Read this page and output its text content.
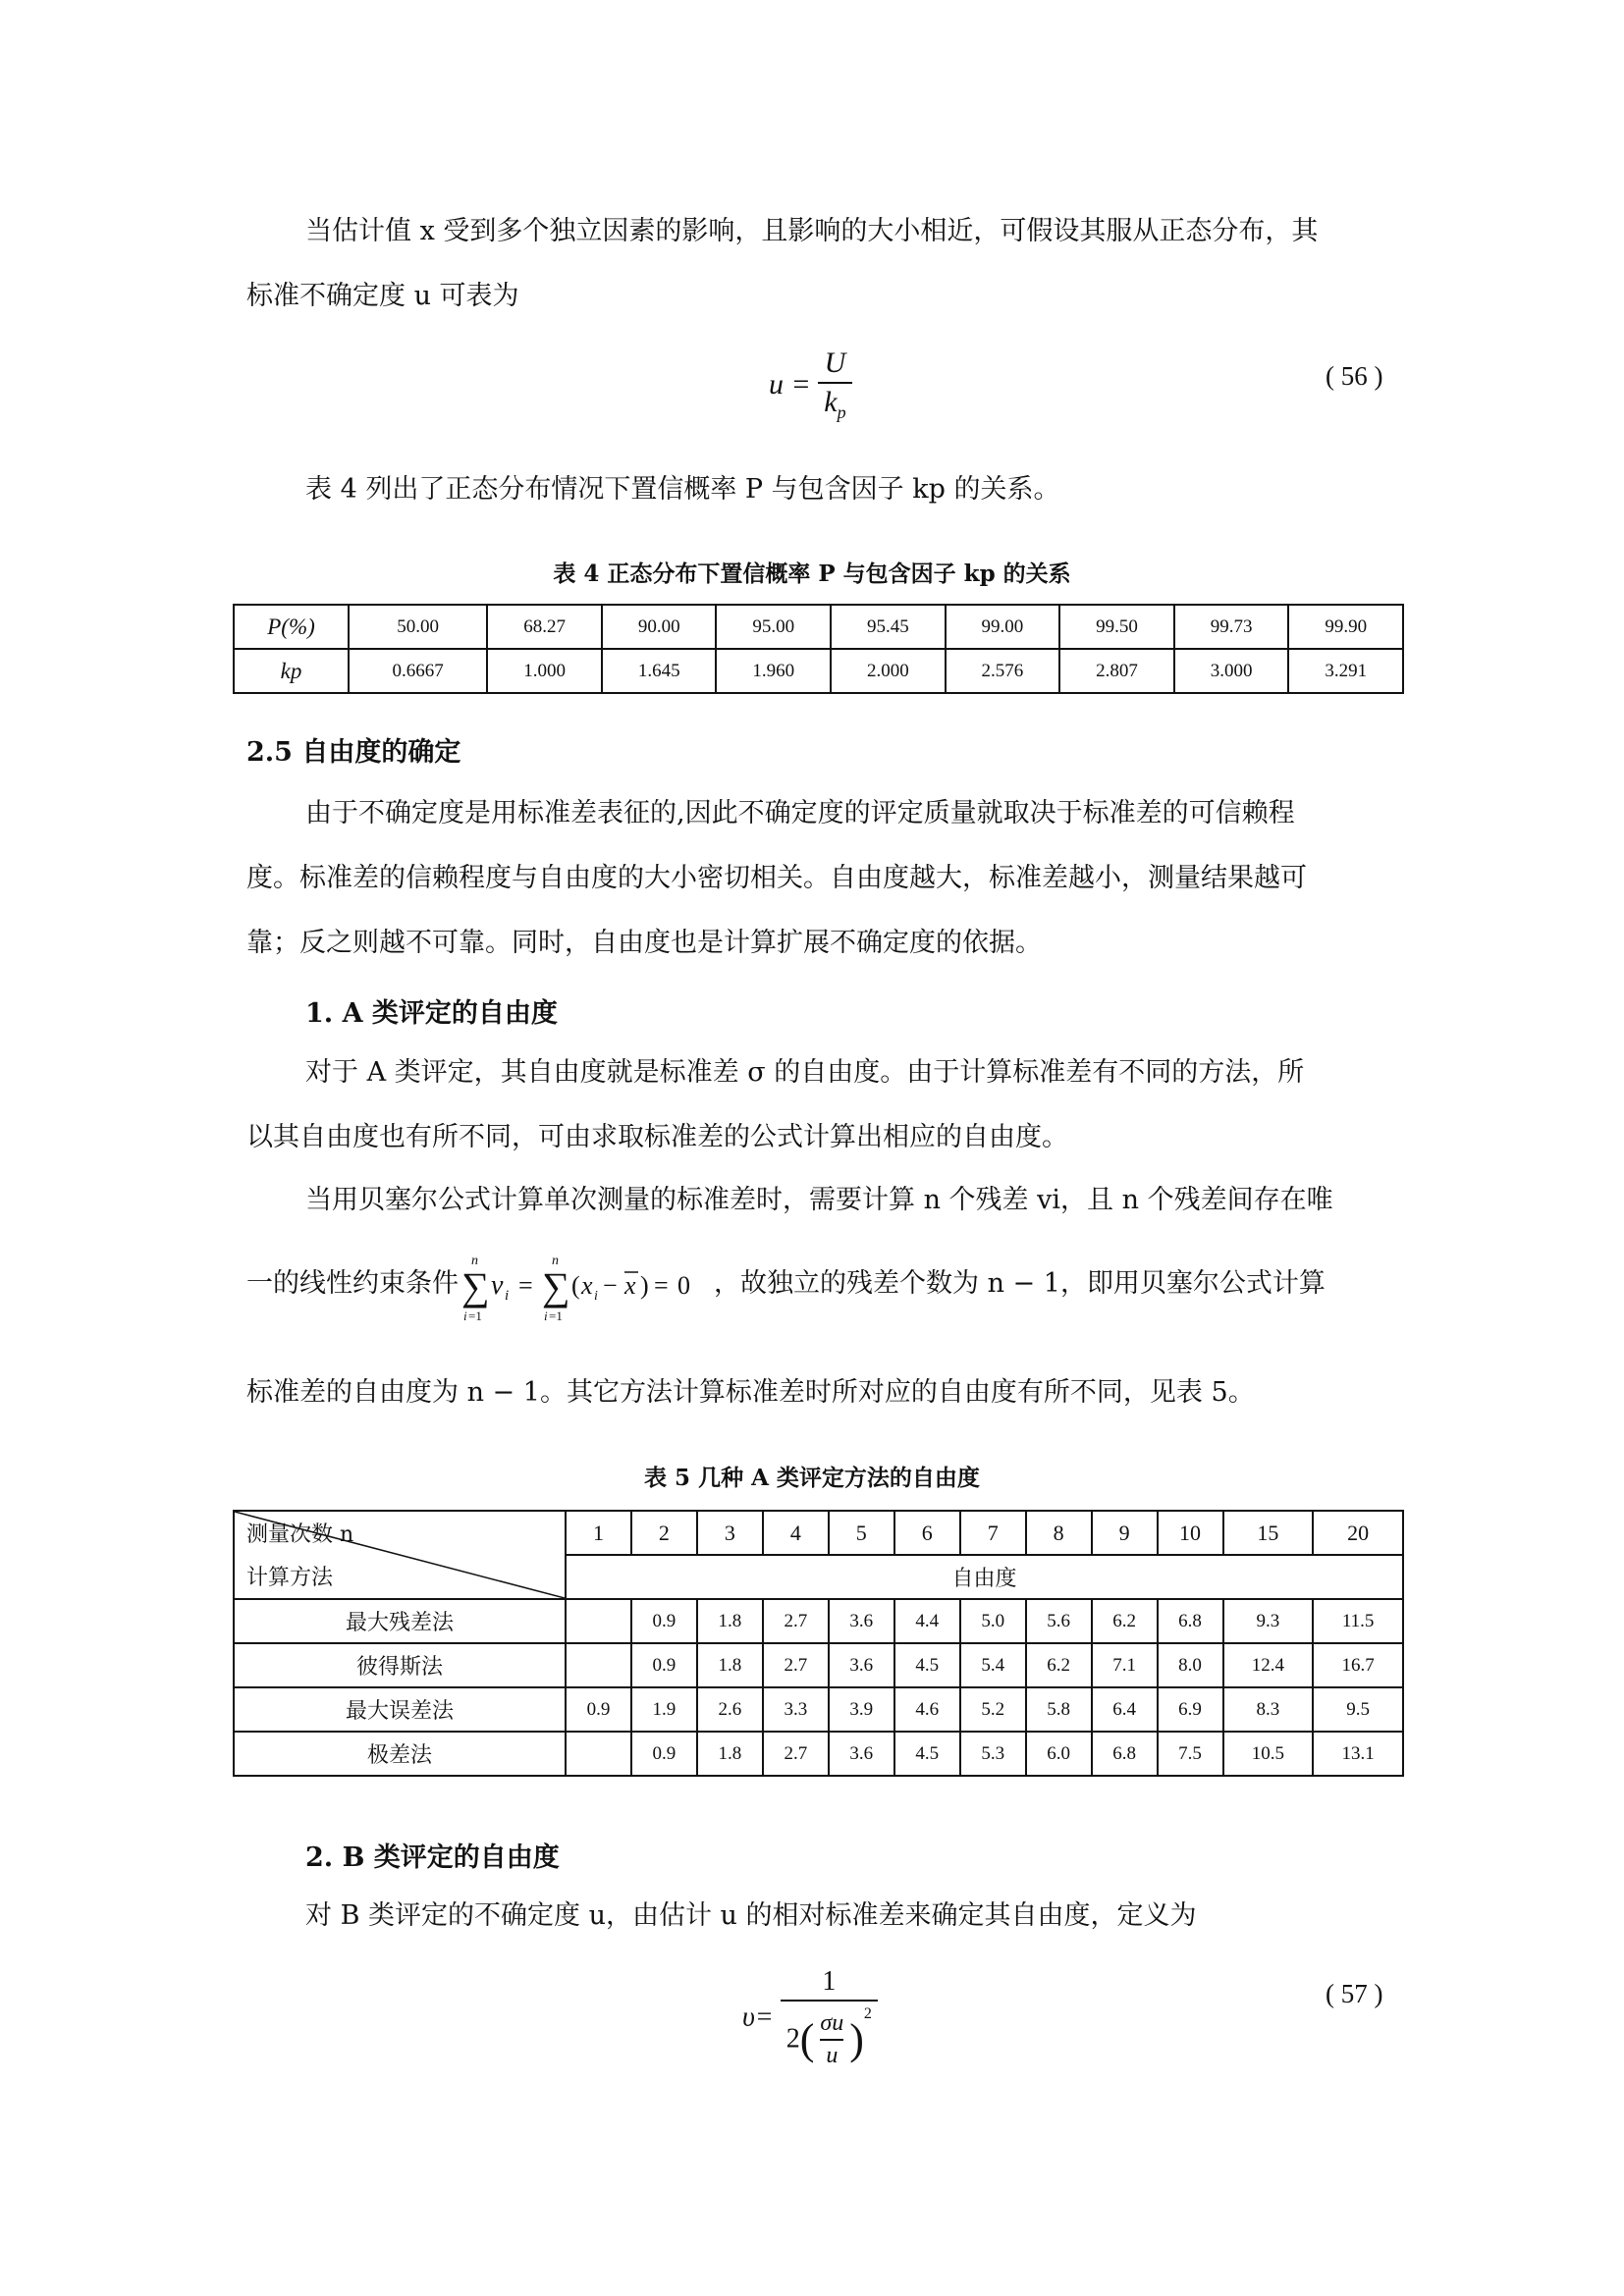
当估计值 x 受到多个独立因素的影响，且影响的大小相近，可假设其服从正态分布，其
标准不确定度 u 可表为
$u = \frac{U}{k_p}$	( 56 )
表 4 列出了正态分布情况下置信概率 P 与包含因子 kp 的关系。
表 4 正态分布下置信概率 P 与包含因子 kp 的关系
P(%)	50.00	68.27	90.00	95.00	95.45	99.00	99.50	99.73	99.90
kp	0.6667	1.000	1.645	1.960	2.000	2.576	2.807	3.000	3.291
2.5 自由度的确定
由于不确定度是用标准差表征的,因此不确定度的评定质量就取决于标准差的可信赖程
度。标准差的信赖程度与自由度的大小密切相关。自由度越大，标准差越小，测量结果越可
靠；反之则越不可靠。同时，自由度也是计算扩展不确定度的依据。
1. A 类评定的自由度
对于 A 类评定，其自由度就是标准差 σ 的自由度。由于计算标准差有不同的方法，所
以其自由度也有所不同，可由求取标准差的公式计算出相应的自由度。
当用贝塞尔公式计算单次测量的标准差时，需要计算 n 个残差 vi，且 n 个残差间存在唯
一的线性约束条件	，故独立的残差个数为 n − 1，即用贝塞尔公式计算
n
∑
i =1
ν i =
n
∑
i =1
( x i − x ) = 0
标准差的自由度为 n − 1。其它方法计算标准差时所对应的自由度有所不同，见表 5。
表 5 几种 A 类评定方法的自由度
测量次数 n
计算方法	1	2	3	4	5	6	7	8	9	10	15	20
	自由度											
最大残差法		0.9	1.8	2.7	3.6	4.4	5.0	5.6	6.2	6.8	9.3	11.5
彼得斯法		0.9	1.8	2.7	3.6	4.5	5.4	6.2	7.1	8.0	12.4	16.7
最大误差法	0.9	1.9	2.6	3.3	3.9	4.6	5.2	5.8	6.4	6.9	8.3	9.5
极差法		0.9	1.8	2.7	3.6	4.5	5.3	6.0	6.8	7.5	10.5	13.1
2. B 类评定的自由度
对 B 类评定的不确定度 u，由估计 u 的相对标准差来确定其自由度，定义为
$\upsilon= \frac{1}{2( \frac{\sigma u}{u} )^2}$	( 57 )
